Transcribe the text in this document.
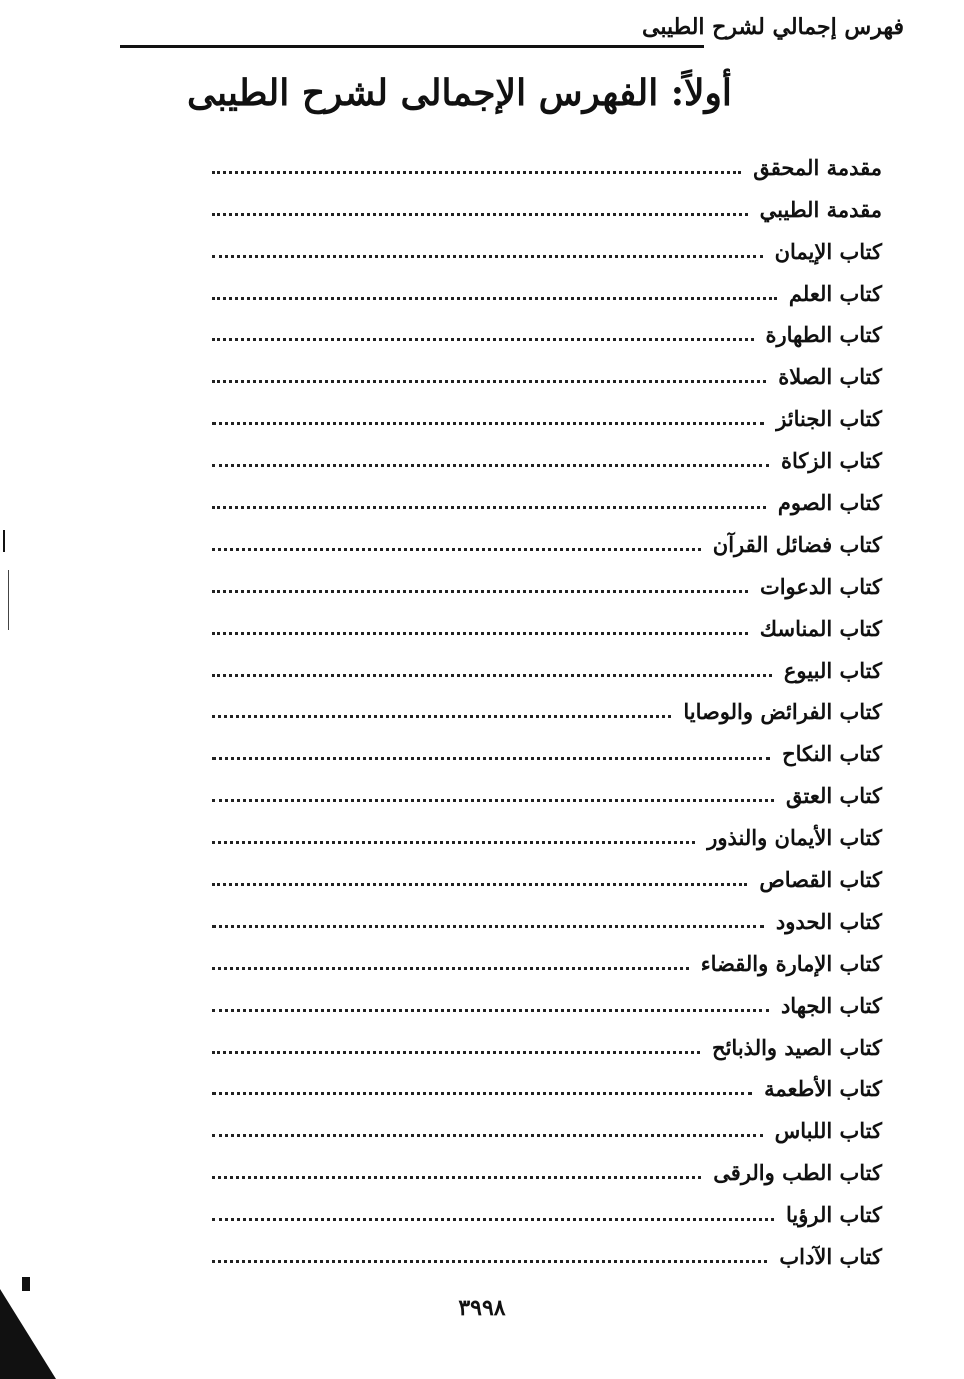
فهرس إجمالي لشرح الطيبى
أولاً: الفهرس الإجمالى لشرح الطيبى
مقدمة المحقق
مقدمة الطيبي
كتاب الإيمان
كتاب العلم
كتاب الطهارة
كتاب الصلاة
كتاب الجنائز
كتاب الزكاة
كتاب الصوم
كتاب فضائل القرآن
كتاب الدعوات
كتاب المناسك
كتاب البيوع
كتاب الفرائض والوصايا
كتاب النكاح
كتاب العتق
كتاب الأيمان والنذور
كتاب القصاص
كتاب الحدود
كتاب الإمارة والقضاء
كتاب الجهاد
كتاب الصيد والذبائح
كتاب الأطعمة
كتاب اللباس
كتاب الطب والرقى
كتاب الرؤيا
كتاب الآداب
٣٩٩٨
